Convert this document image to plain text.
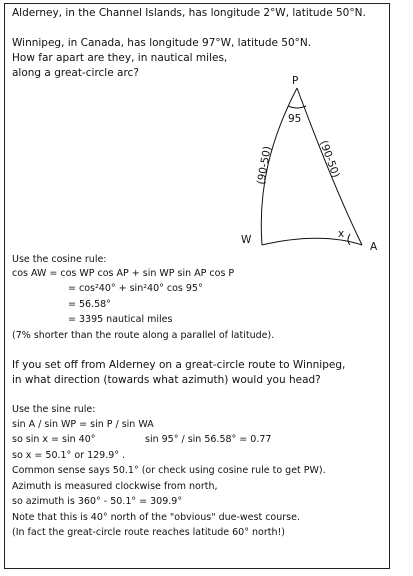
Alderney, in the Channel Islands, has longitude 2°W, latitude 50°N.
Winnipeg, in Canada, has longitude 97°W, latitude 50°N.
How far apart are they, in nautical miles,
along a great-circle arc?
P
W
A
95
x
(90-50)	(90-50)
Use the cosine rule:
cos AW = cos WP cos AP + sin WP sin AP cos P
= cos²40° + sin²40° cos 95°
= 56.58°
= 3395 nautical miles
(7% shorter than the route along a parallel of latitude).
If you set off from Alderney on a great-circle route to Winnipeg,
in what direction (towards what azimuth) would you head?
Use the sine rule:
sin A / sin WP = sin P / sin WA
so sin x = sin 40°	sin 95° / sin 56.58° = 0.77
so x = 50.1° or 129.9° .
Common sense says 50.1° (or check using cosine rule to get PW).
Azimuth is measured clockwise from north,
so azimuth is 360° - 50.1° = 309.9°
Note that this is 40° north of the "obvious" due-west course.
(In fact the great-circle route reaches latitude 60° north!)
